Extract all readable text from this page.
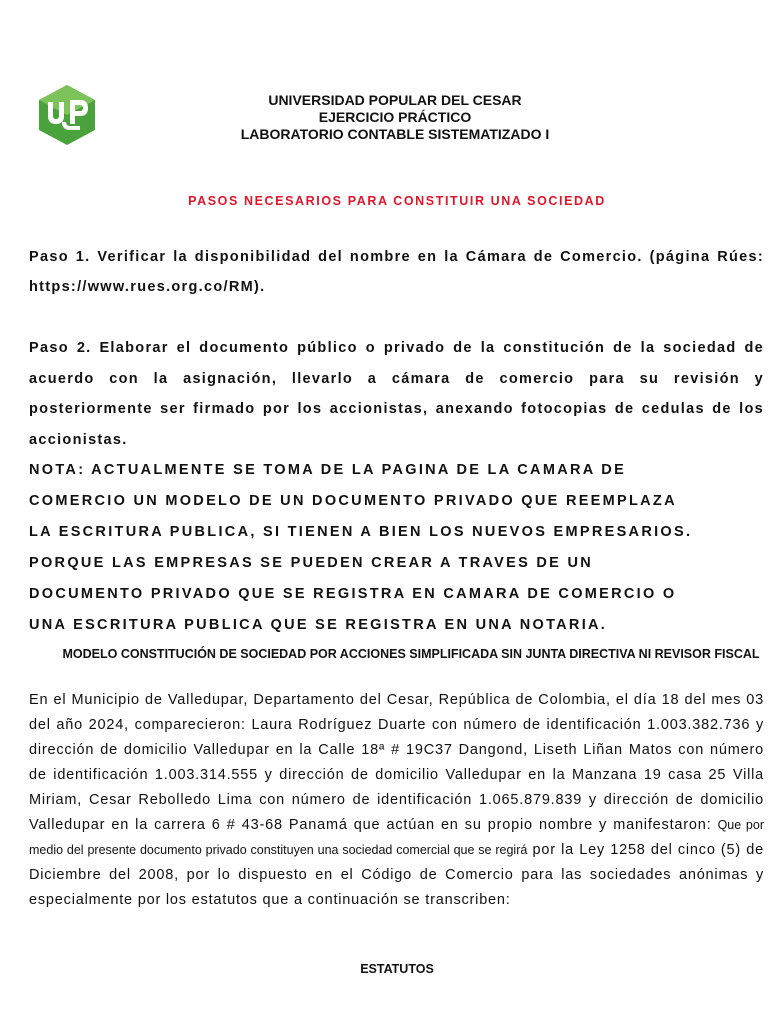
UNIVERSIDAD POPULAR DEL CESAR
EJERCICIO PRÁCTICO
LABORATORIO CONTABLE SISTEMATIZADO I
PASOS NECESARIOS PARA CONSTITUIR UNA SOCIEDAD
Paso 1. Verificar la disponibilidad del nombre en la Cámara de Comercio. (página Rúes: https://www.rues.org.co/RM).
Paso 2. Elaborar el documento público o privado de la constitución de la sociedad de acuerdo con la asignación, llevarlo a cámara de comercio para su revisión y posteriormente ser firmado por los accionistas, anexando fotocopias de cedulas de los accionistas.
NOTA: ACTUALMENTE SE TOMA DE LA PAGINA DE LA CAMARA DE
COMERCIO UN MODELO DE UN DOCUMENTO PRIVADO QUE REEMPLAZA
LA ESCRITURA PUBLICA, SI TIENEN A BIEN LOS NUEVOS EMPRESARIOS.
PORQUE LAS EMPRESAS SE PUEDEN CREAR A TRAVES DE UN
DOCUMENTO PRIVADO QUE SE REGISTRA EN CAMARA DE COMERCIO O
UNA ESCRITURA PUBLICA QUE SE REGISTRA EN UNA NOTARIA.
MODELO CONSTITUCIÓN DE SOCIEDAD POR ACCIONES SIMPLIFICADA SIN JUNTA DIRECTIVA NI REVISOR FISCAL
En el Municipio de Valledupar, Departamento del Cesar, República de Colombia, el día 18 del mes 03 del año 2024, comparecieron: Laura Rodríguez Duarte con número de identificación 1.003.382.736 y dirección de domicilio Valledupar en la Calle 18ª # 19C37 Dangond, Liseth Liñan Matos con número de identificación 1.003.314.555 y dirección de domicilio Valledupar en la Manzana 19 casa 25 Villa Miriam, Cesar Rebolledo Lima con número de identificación 1.065.879.839 y dirección de domicilio Valledupar en la carrera 6 # 43-68 Panamá que actúan en su propio nombre y manifestaron: Que por medio del presente documento privado constituyen una sociedad comercial que se regirá por la Ley 1258 del cinco (5) de Diciembre del 2008, por lo dispuesto en el Código de Comercio para las sociedades anónimas y especialmente por los estatutos que a continuación se transcriben:
ESTATUTOS
